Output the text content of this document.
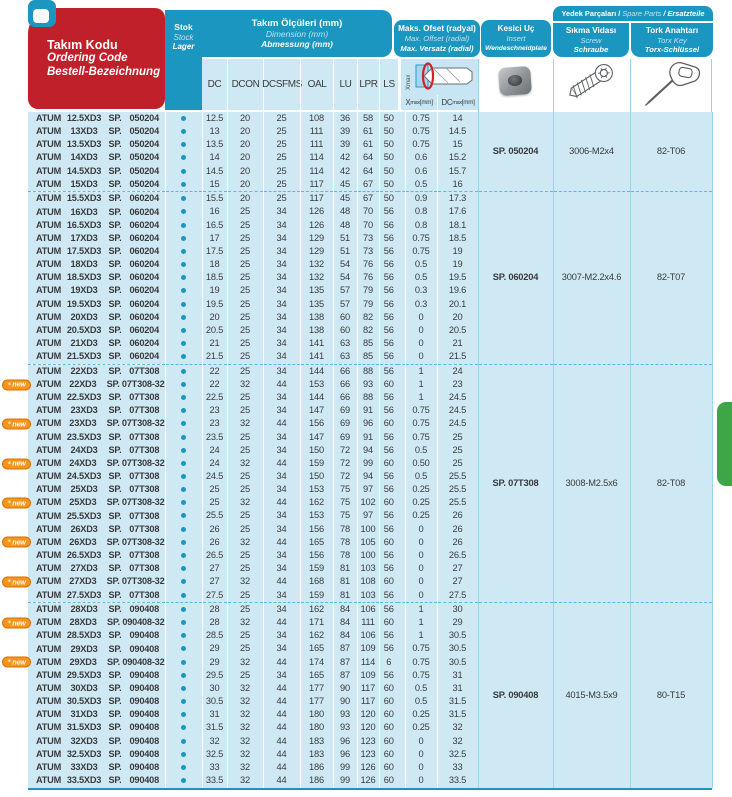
Takım Kodu
Ordering Code
Bestell-Bezeichnung
Stok
Stock
Lager
Takım Ölçüleri (mm)
Dimension (mm)
Abmessung (mm)
Maks. Ofset (radyal)
Max. Offset (radial)
Max. Versatz (radial)
Kesici Uç
Insert
Wendeschneidplate
Yedek Parçaları / Spare Parts / Ersatzteile
Sıkma Vidası
Screw
Schraube
Tork Anahtarı
Torx Key
Torx-Schlüssel
DC	DCON DCSFMS OAL	LU LPR LS	Xmax
X max [mm] DC max [mm]
ATUM 12.5XD3 SP. 050204		12.5	20	25	108	36	58	50		0.75	14	SP. 050204	3006-M2x4	82-T06

ATUM 13XD3 SP. 050204		13	20	25	111	39	61	50		0.75	14.5			

ATUM 13.5XD3 SP. 050204		13.5	20	25	111	39	61	50		0.75	15			

ATUM 14XD3 SP. 050204		14	20	25	114	42	64	50		0.6	15.2			

ATUM 14.5XD3 SP. 050204		14.5	20	25	114	42	64	50		0.6	15.7			

ATUM 15XD3 SP. 050204		15	20	25	117	45	67	50		0.5	16			

ATUM 15.5XD3 SP. 060204		15.5	20	25	117	45	67	50		0.9	17.3	SP. 060204	3007-M2.2x4.6	82-T07

ATUM 16XD3 SP. 060204		16	25	34	126	48	70	56		0.8	17.6			

ATUM 16.5XD3 SP. 060204		16.5	25	34	126	48	70	56		0.8	18.1			

ATUM 17XD3 SP. 060204		17	25	34	129	51	73	56		0.75	18.5			

ATUM 17.5XD3 SP. 060204		17.5	25	34	129	51	73	56		0.75	19			

ATUM 18XD3 SP. 060204		18	25	34	132	54	76	56		0.5	19			

ATUM 18.5XD3 SP. 060204		18.5	25	34	132	54	76	56		0.5	19.5			

ATUM 19XD3 SP. 060204		19	25	34	135	57	79	56		0.3	19.6			

ATUM 19.5XD3 SP. 060204		19.5	25	34	135	57	79	56		0.3	20.1			

ATUM 20XD3 SP. 060204		20	25	34	138	60	82	56		0	20			

ATUM 20.5XD3 SP. 060204		20.5	25	34	138	60	82	56		0	20.5			

ATUM 21XD3 SP. 060204		21	25	34	141	63	85	56		0	21			

ATUM 21.5XD3 SP. 060204		21.5	25	34	141	63	85	56		0	21.5			

ATUM 22XD3 SP. 07T308		22	25	34	144	66	88	56		1	24	SP. 07T308	3008-M2.5x6	82-T08

✶ new ATUM 22XD3	SP. 07T308-32		22	32	44	153	66	93	60		1	23

ATUM 22.5XD3 SP. 07T308		22.5	25	34	144	66	88	56		1	24.5			

ATUM 23XD3 SP. 07T308		23	25	34	147	69	91	56		0.75	24.5			

✶ new ATUM 23XD3	SP. 07T308-32		23	32	44	156	69	96	60		0.75	24.5

ATUM 23.5XD3 SP. 07T308		23.5	25	34	147	69	91	56		0.75	25			

ATUM 24XD3 SP. 07T308		24	25	34	150	72	94	56		0.5	25			

✶ new ATUM 24XD3	SP. 07T308-32		24	32	44	159	72	99	60		0.50	25

ATUM 24.5XD3 SP. 07T308		24.5	25	34	150	72	94	56		0.5	25.5			

ATUM 25XD3 SP. 07T308		25	25	34	153	75	97	56		0.25	25.5			

✶ new ATUM 25XD3	SP. 07T308-32		25	32	44	162	75	102	60		0.25	25.5

ATUM 25.5XD3 SP. 07T308		25.5	25	34	153	75	97	56		0.25	26			

ATUM 26XD3 SP. 07T308		26	25	34	156	78	100	56		0	26			

✶ new ATUM 26XD3	SP. 07T308-32		26	32	44	165	78	105	60		0	26

ATUM 26.5XD3 SP. 07T308		26.5	25	34	156	78	100	56		0	26.5			

ATUM 27XD3 SP. 07T308		27	25	34	159	81	103	56		0	27			

✶ new ATUM 27XD3	SP. 07T308-32		27	32	44	168	81	108	60		0	27

ATUM 27.5XD3 SP. 07T308		27.5	25	34	159	81	103	56		0	27.5			

ATUM 28XD3 SP. 090408		28	25	34	162	84	106	56		1	30	SP. 090408	4015-M3.5x9	80-T15

✶ new ATUM 28XD3	SP. 090408-32		28	32	44	171	84	111	60		1	29

ATUM 28.5XD3 SP. 090408		28.5	25	34	162	84	106	56		1	30.5			

ATUM 29XD3 SP. 090408		29	25	34	165	87	109	56		0.75	30.5			

✶ new ATUM 29XD3	SP. 090408-32		29	32	44	174	87	114	6		0.75	30.5

ATUM 29.5XD3 SP. 090408		29.5	25	34	165	87	109	56		0.75	31			

ATUM 30XD3 SP. 090408		30	32	44	177	90	117	60		0.5	31			

ATUM 30.5XD3 SP. 090408		30.5	32	44	177	90	117	60		0.5	31.5			

ATUM 31XD3 SP. 090408		31	32	44	180	93	120	60		0.25	31.5			

ATUM 31.5XD3 SP. 090408		31.5	32	44	180	93	120	60		0.25	32			

ATUM 32XD3 SP. 090408		32	32	44	183	96	123	60		0	32			

ATUM 32.5XD3 SP. 090408		32.5	32	44	183	96	123	60		0	32.5			

ATUM 33XD3 SP. 090408		33	32	44	186	99	126	60		0	33			

ATUM 33.5XD3 SP. 090408		33.5	32	44	186	99	126	60		0	33.5			
